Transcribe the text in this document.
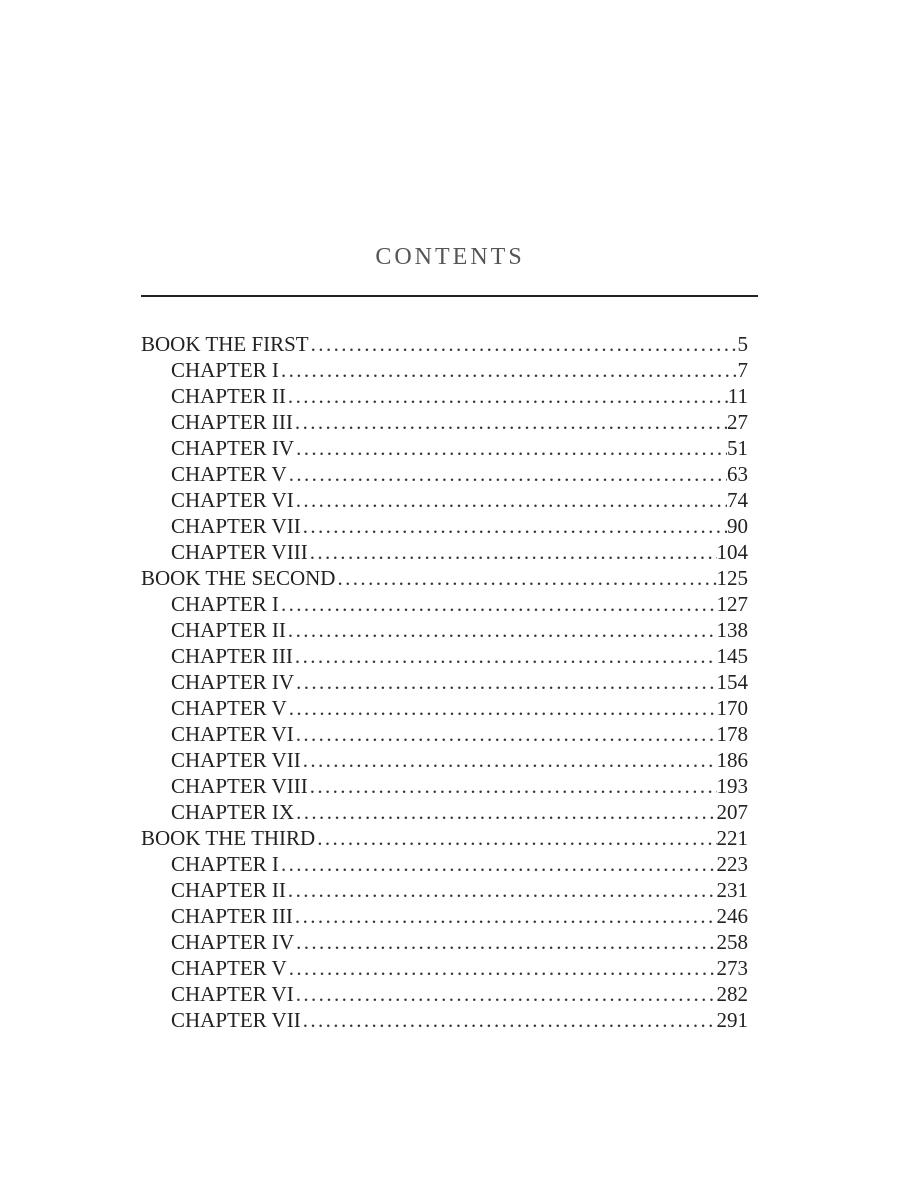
CONTENTS
BOOK THE FIRST .....	5
CHAPTER I .....	7
CHAPTER II .....	11
CHAPTER III .....	27
CHAPTER IV .....	51
CHAPTER V .....	63
CHAPTER VI .....	74
CHAPTER VII .....	90
CHAPTER VIII .....	104
BOOK THE SECOND .....	125
CHAPTER I .....	127
CHAPTER II .....	138
CHAPTER III .....	145
CHAPTER IV .....	154
CHAPTER V .....	170
CHAPTER VI .....	178
CHAPTER VII .....	186
CHAPTER VIII .....	193
CHAPTER IX .....	207
BOOK THE THIRD .....	221
CHAPTER I .....	223
CHAPTER II .....	231
CHAPTER III .....	246
CHAPTER IV .....	258
CHAPTER V .....	273
CHAPTER VI .....	282
CHAPTER VII .....	291
